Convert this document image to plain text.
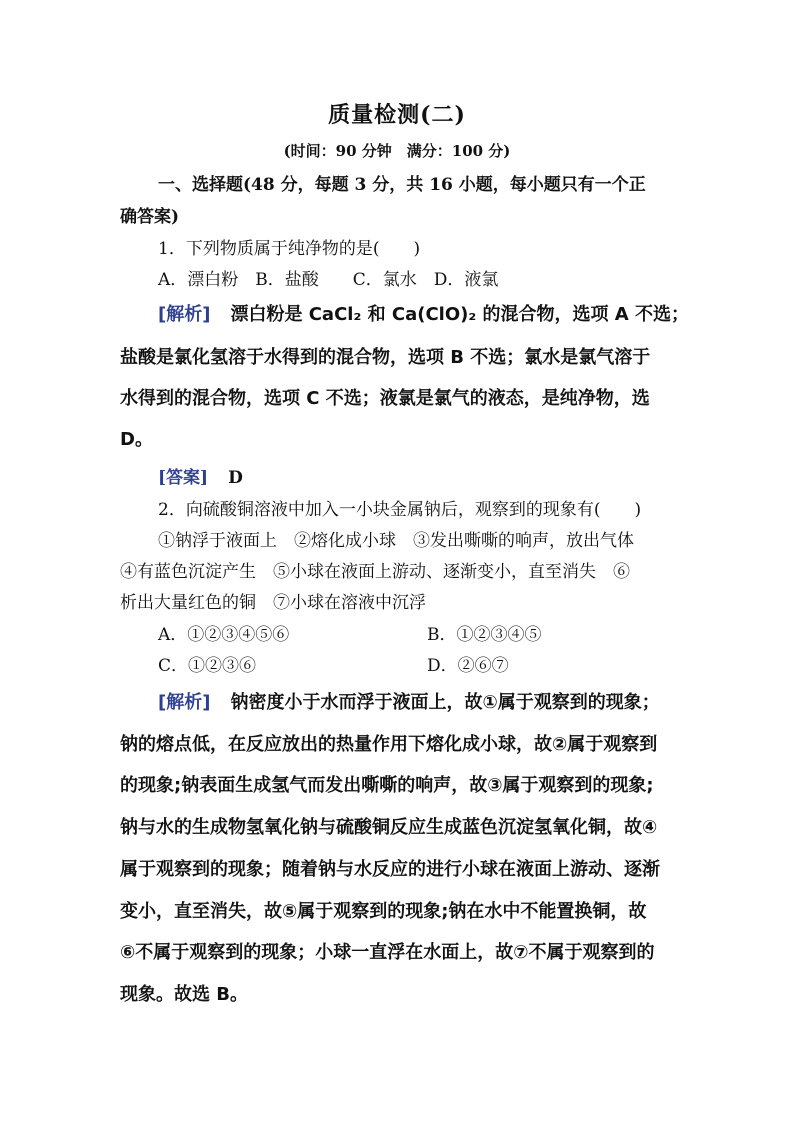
质量检测(二)
(时间：90 分钟　满分：100 分)
一、选择题(48 分，每题 3 分，共 16 小题，每小题只有一个正
确答案)
1．下列物质属于纯净物的是(　　)
A．漂白粉　B．盐酸　　C．氯水　D．液氯
[解析] 漂白粉是 CaCl₂ 和 Ca(ClO)₂ 的混合物，选项 A 不选；
盐酸是氯化氢溶于水得到的混合物，选项 B 不选；氯水是氯气溶于
水得到的混合物，选项 C 不选；液氯是氯气的液态，是纯净物，选
D。
[答案] D
2．向硫酸铜溶液中加入一小块金属钠后，观察到的现象有(　　)
①钠浮于液面上　②熔化成小球　③发出嘶嘶的响声，放出气体
④有蓝色沉淀产生　⑤小球在液面上游动、逐渐变小，直至消失　⑥
析出大量红色的铜　⑦小球在溶液中沉浮
A．①②③④⑤⑥	B．①②③④⑤
C．①②③⑥	D．②⑥⑦
[解析] 钠密度小于水而浮于液面上，故①属于观察到的现象；
钠的熔点低，在反应放出的热量作用下熔化成小球，故②属于观察到
的现象;钠表面生成氢气而发出嘶嘶的响声，故③属于观察到的现象;
钠与水的生成物氢氧化钠与硫酸铜反应生成蓝色沉淀氢氧化铜，故④
属于观察到的现象；随着钠与水反应的进行小球在液面上游动、逐渐
变小，直至消失，故⑤属于观察到的现象;钠在水中不能置换铜，故
⑥不属于观察到的现象；小球一直浮在水面上，故⑦不属于观察到的
现象。故选 B。
